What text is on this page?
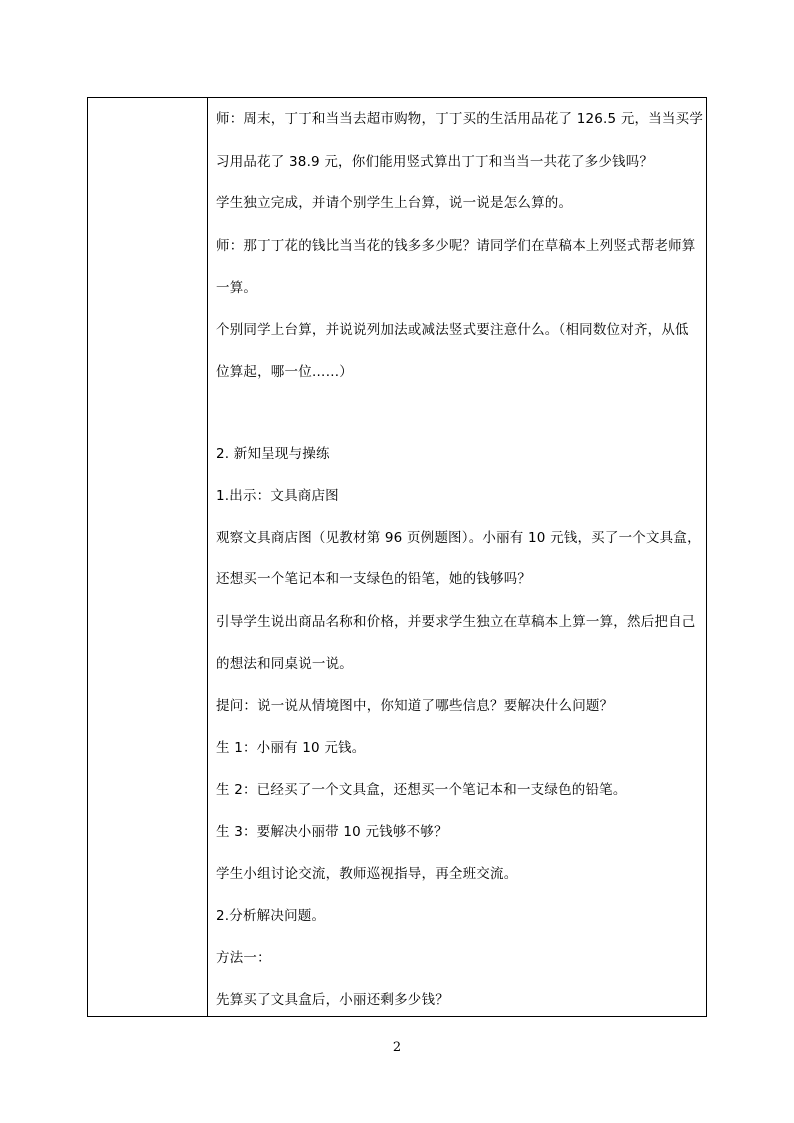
师：周末，丁丁和当当去超市购物，丁丁买的生活用品花了 126.5 元，当当买学
习用品花了 38.9 元，你们能用竖式算出丁丁和当当一共花了多少钱吗？
学生独立完成，并请个别学生上台算，说一说是怎么算的。
师：那丁丁花的钱比当当花的钱多多少呢？请同学们在草稿本上列竖式帮老师算
一算。
个别同学上台算，并说说列加法或减法竖式要注意什么。（相同数位对齐，从低
位算起，哪一位……）
2. 新知呈现与操练
1.出示：文具商店图
观察文具商店图（见教材第 96 页例题图）。小丽有 10 元钱，买了一个文具盒，
还想买一个笔记本和一支绿色的铅笔，她的钱够吗？
引导学生说出商品名称和价格，并要求学生独立在草稿本上算一算，然后把自己
的想法和同桌说一说。
提问：说一说从情境图中，你知道了哪些信息？要解决什么问题？
生 1：小丽有 10 元钱。
生 2：已经买了一个文具盒，还想买一个笔记本和一支绿色的铅笔。
生 3：要解决小丽带 10 元钱够不够？
学生小组讨论交流，教师巡视指导，再全班交流。
2.分析解决问题。
方法一：
先算买了文具盒后，小丽还剩多少钱？
2
